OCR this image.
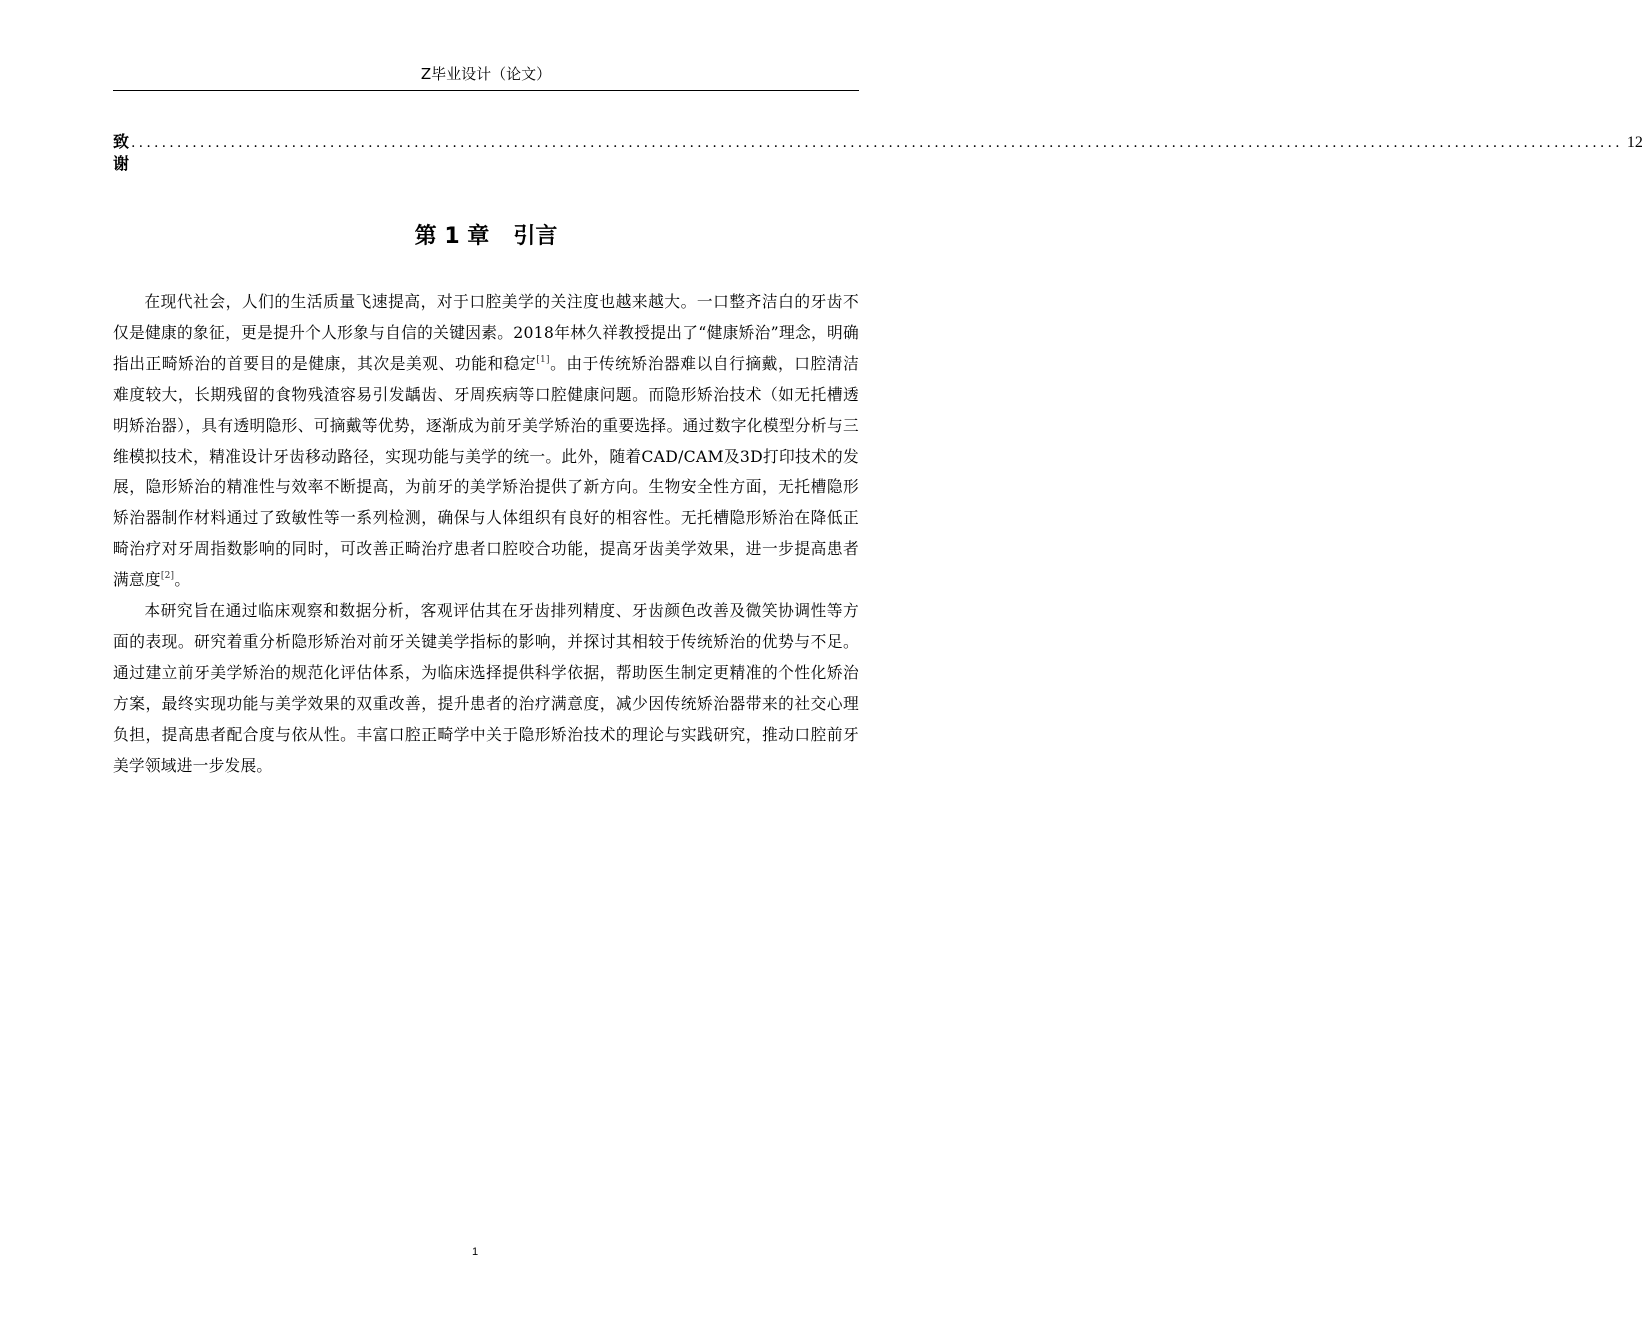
Z毕业设计（论文）
致谢
................................................................................................................................................................................................... 12
第 1 章 引言

在现代社会，人们的生活质量飞速提高，对于口腔美学的关注度也越来越大。一口整齐洁白的牙齿不仅是健康的象征，更是提升个人形象与自信的关键因素。2018年林久祥教授提出了“健康矫治”理念，明确指出正畸矫治的首要目的是健康，其次是美观、功能和稳定[1]。由于传统矫治器难以自行摘戴，口腔清洁难度较大，长期残留的食物残渣容易引发龋齿、牙周疾病等口腔健康问题。而隐形矫治技术（如无托槽透明矫治器），具有透明隐形、可摘戴等优势，逐渐成为前牙美学矫治的重要选择。通过数字化模型分析与三维模拟技术，精准设计牙齿移动路径，实现功能与美学的统一。此外，随着CAD/CAM及3D打印技术的发展，隐形矫治的精准性与效率不断提高，为前牙的美学矫治提供了新方向。生物安全性方面，无托槽隐形矫治器制作材料通过了致敏性等一系列检测，确保与人体组织有良好的相容性。无托槽隐形矫治在降低正畸治疗对牙周指数影响的同时，可改善正畸治疗患者口腔咬合功能，提高牙齿美学效果，进一步提高患者满意度[2]。

本研究旨在通过临床观察和数据分析，客观评估其在牙齿排列精度、牙齿颜色改善及微笑协调性等方面的表现。研究着重分析隐形矫治对前牙关键美学指标的影响，并探讨其相较于传统矫治的优势与不足。通过建立前牙美学矫治的规范化评估体系，为临床选择提供科学依据，帮助医生制定更精准的个性化矫治方案，最终实现功能与美学效果的双重改善，提升患者的治疗满意度，减少因传统矫治器带来的社交心理负担，提高患者配合度与依从性。丰富口腔正畸学中关于隐形矫治技术的理论与实践研究，推动口腔前牙美学领域进一步发展。

1
